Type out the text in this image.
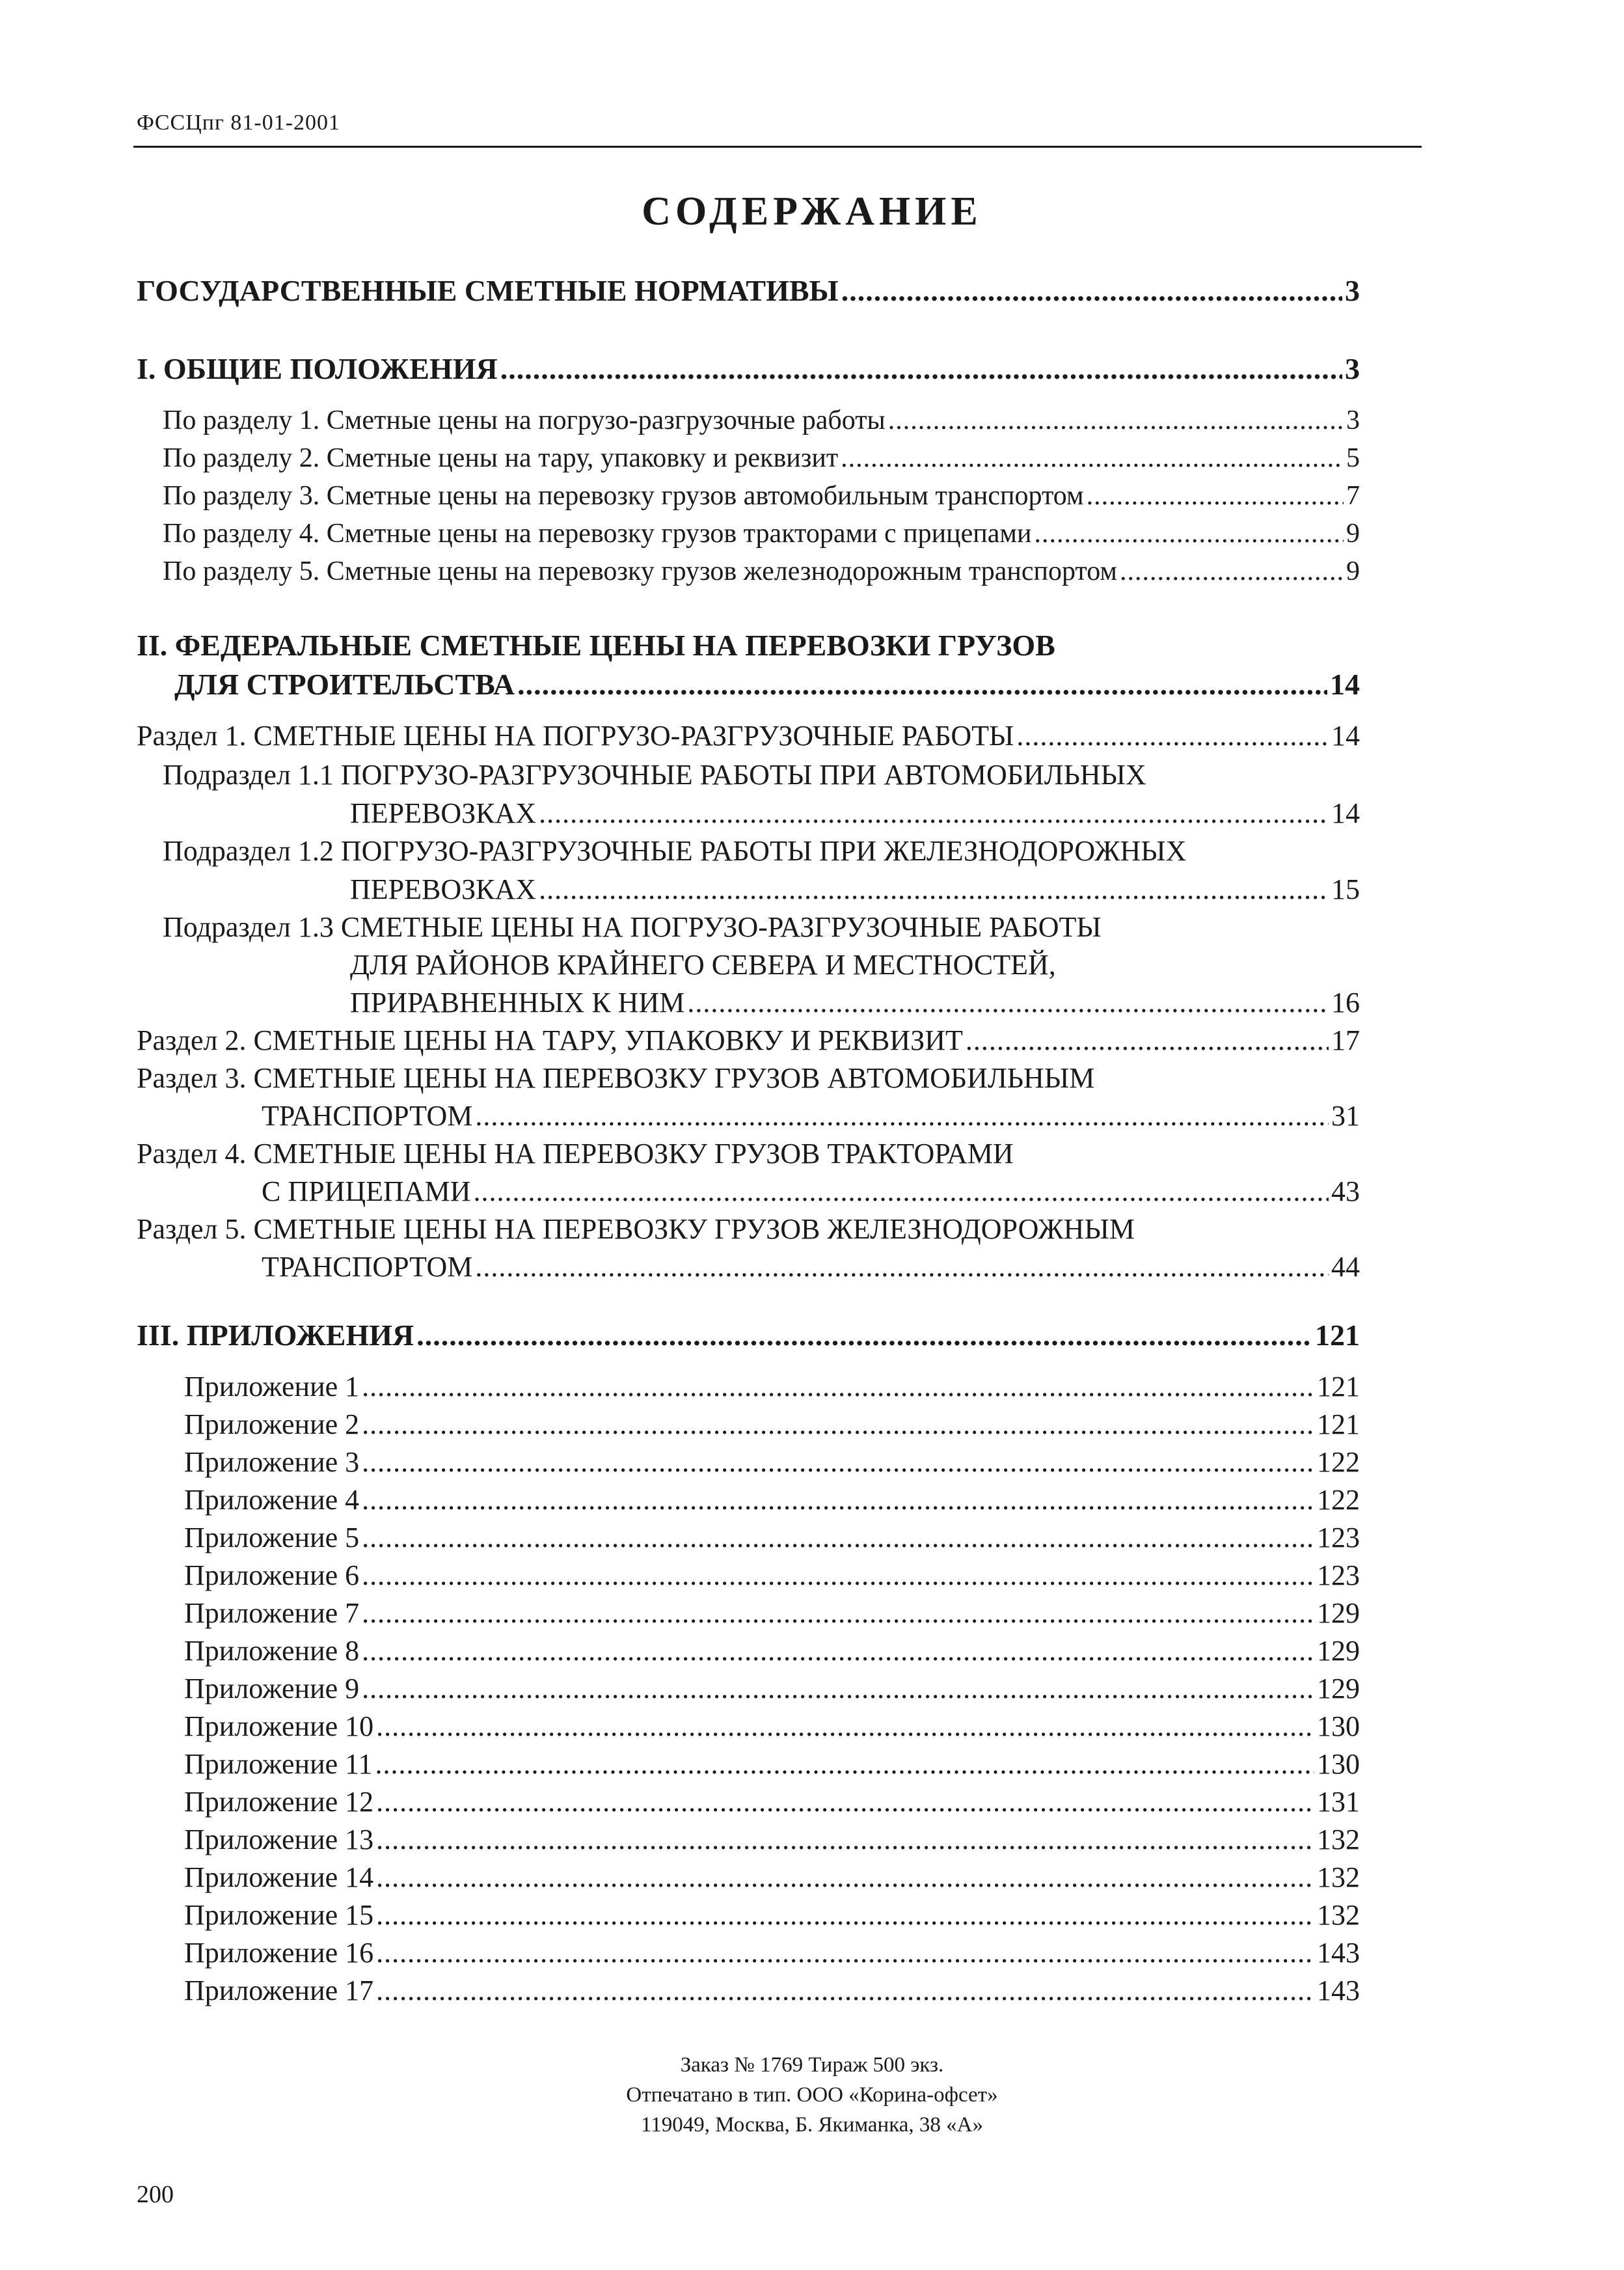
ФССЦпг 81-01-2001
СОДЕРЖАНИЕ
ГОСУДАРСТВЕННЫЕ СМЕТНЫЕ НОРМАТИВЫ .....	3
I. ОБЩИЕ ПОЛОЖЕНИЯ .....	3
По разделу 1. Сметные цены на погрузо-разгрузочные работы .....	3
По разделу 2. Сметные цены на тару, упаковку и реквизит .....	5
По разделу 3. Сметные цены на перевозку грузов автомобильным транспортом .....	7
По разделу 4. Сметные цены на перевозку грузов тракторами с прицепами .....	9
По разделу 5. Сметные цены на перевозку грузов железнодорожным транспортом .....	9
II. ФЕДЕРАЛЬНЫЕ СМЕТНЫЕ ЦЕНЫ НА ПЕРЕВОЗКИ ГРУЗОВ
ДЛЯ СТРОИТЕЛЬСТВА .....	14
Раздел 1. СМЕТНЫЕ ЦЕНЫ НА ПОГРУЗО-РАЗГРУЗОЧНЫЕ РАБОТЫ .....	14
Подраздел 1.1 ПОГРУЗО-РАЗГРУЗОЧНЫЕ РАБОТЫ ПРИ АВТОМОБИЛЬНЫХ
ПЕРЕВОЗКАХ .....	14
Подраздел 1.2 ПОГРУЗО-РАЗГРУЗОЧНЫЕ РАБОТЫ ПРИ ЖЕЛЕЗНОДОРОЖНЫХ
ПЕРЕВОЗКАХ .....	15
Подраздел 1.3 СМЕТНЫЕ ЦЕНЫ НА ПОГРУЗО-РАЗГРУЗОЧНЫЕ РАБОТЫ
ДЛЯ РАЙОНОВ КРАЙНЕГО СЕВЕРА И МЕСТНОСТЕЙ,
ПРИРАВНЕННЫХ К НИМ .....	16
Раздел 2. СМЕТНЫЕ ЦЕНЫ НА ТАРУ, УПАКОВКУ И РЕКВИЗИТ .....	17
Раздел 3. СМЕТНЫЕ ЦЕНЫ НА ПЕРЕВОЗКУ ГРУЗОВ АВТОМОБИЛЬНЫМ
ТРАНСПОРТОМ .....	31
Раздел 4. СМЕТНЫЕ ЦЕНЫ НА ПЕРЕВОЗКУ ГРУЗОВ ТРАКТОРАМИ
С ПРИЦЕПАМИ .....	43
Раздел 5. СМЕТНЫЕ ЦЕНЫ НА ПЕРЕВОЗКУ ГРУЗОВ ЖЕЛЕЗНОДОРОЖНЫМ
ТРАНСПОРТОМ .....	44
III. ПРИЛОЖЕНИЯ .....	121
Приложение 1 .....	121
Приложение 2 .....	121
Приложение 3 .....	122
Приложение 4 .....	122
Приложение 5 .....	123
Приложение 6 .....	123
Приложение 7 .....	129
Приложение 8 .....	129
Приложение 9 .....	129
Приложение 10 .....	130
Приложение 11 .....	130
Приложение 12 .....	131
Приложение 13 .....	132
Приложение 14 .....	132
Приложение 15 .....	132
Приложение 16 .....	143
Приложение 17 .....	143
Заказ № 1769 Тираж 500 экз.
Отпечатано в тип. ООО «Корина-офсет»
119049, Москва, Б. Якиманка, 38 «А»
200
